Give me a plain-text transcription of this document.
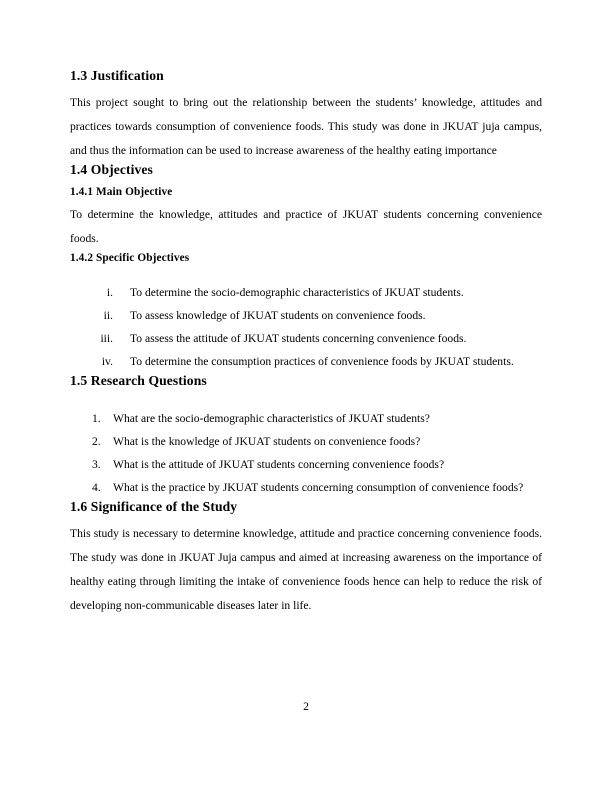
1.3 Justification

This project sought to bring out the relationship between the students’ knowledge, attitudes and practices towards consumption of convenience foods. This study was done in JKUAT juja campus, and thus the information can be used to increase awareness of the healthy eating importance

1.4 Objectives
1.4.1 Main Objective

To determine the knowledge, attitudes and practice of JKUAT students concerning convenience foods.

1.4.2 Specific Objectives
i.	To determine the socio-demographic characteristics of JKUAT students.
ii.	To assess knowledge of JKUAT students on convenience foods.
iii.	To assess the attitude of JKUAT students concerning convenience foods.
iv.	To determine the consumption practices of convenience foods by JKUAT students.
1.5 Research Questions
1.	What are the socio-demographic characteristics of JKUAT students?
2.	What is the knowledge of JKUAT students on convenience foods?
3.	What is the attitude of JKUAT students concerning convenience foods?
4.	What is the practice by JKUAT students concerning consumption of convenience foods?
1.6 Significance of the Study

This study is necessary to determine knowledge, attitude and practice concerning convenience foods. The study was done in JKUAT Juja campus and aimed at increasing awareness on the importance of healthy eating through limiting the intake of convenience foods hence can help to reduce the risk of developing non-communicable diseases later in life.

2
